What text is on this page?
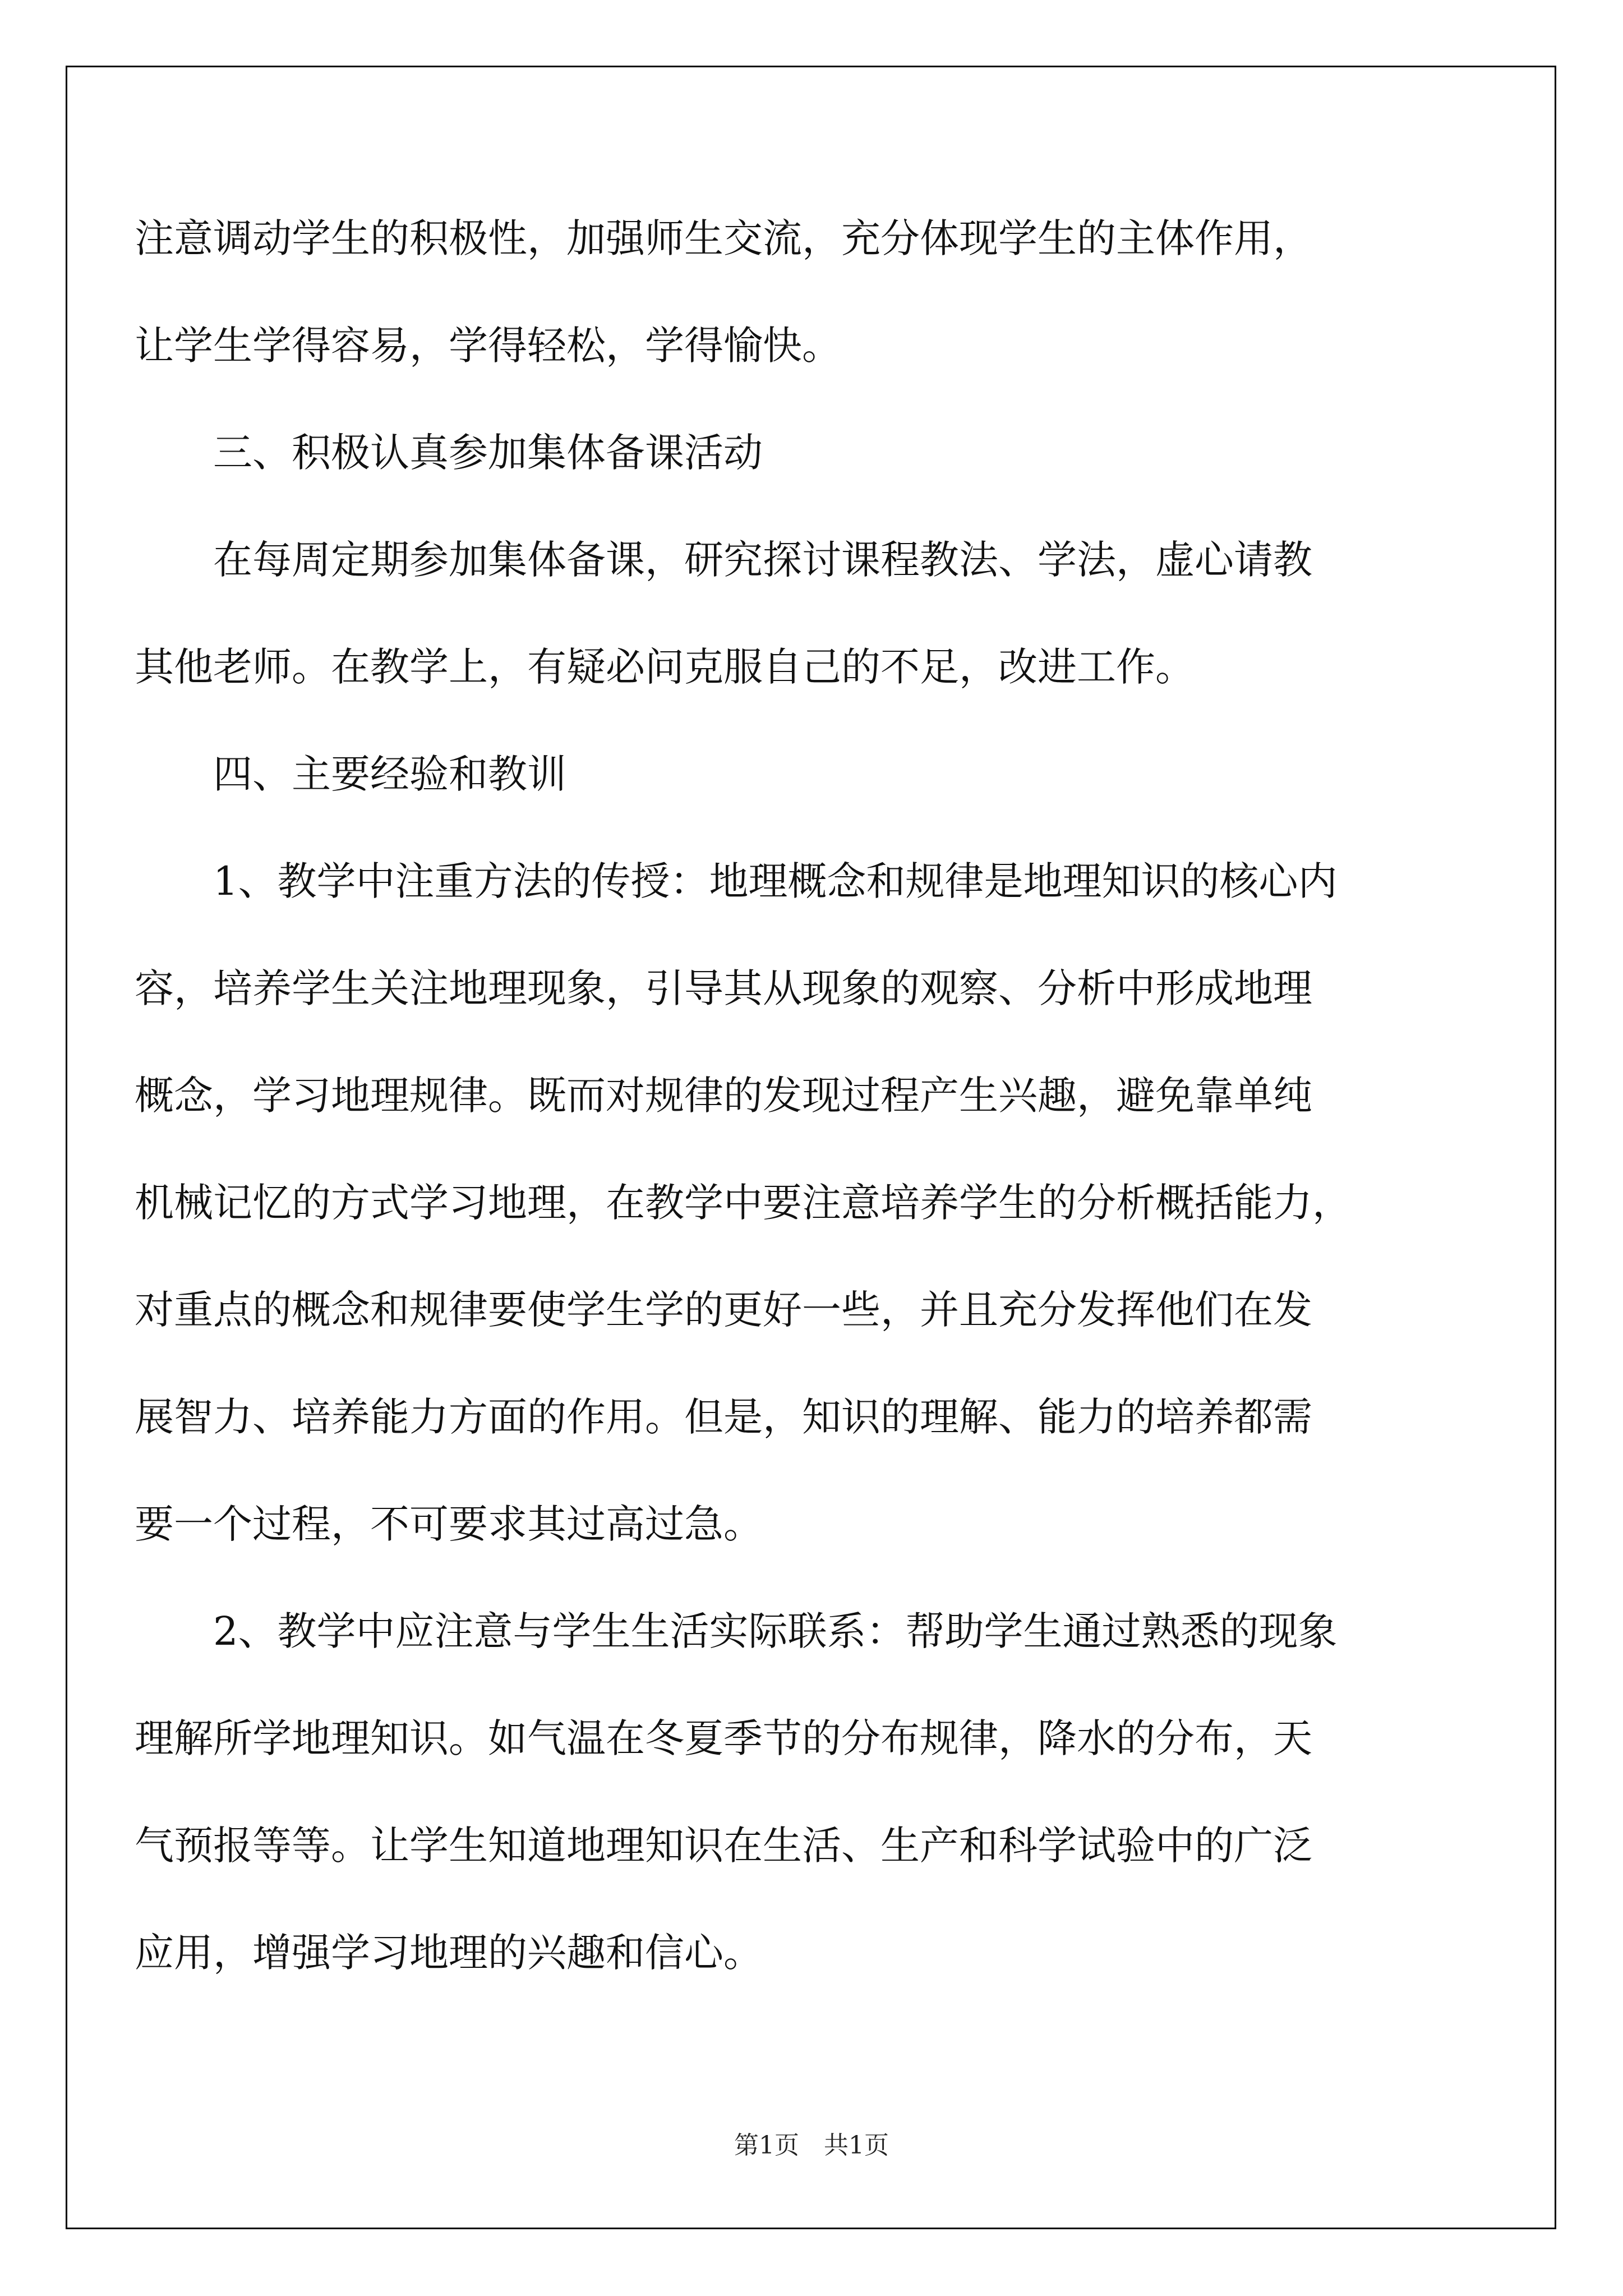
注意调动学生的积极性，加强师生交流，充分体现学生的主体作用，
让学生学得容易，学得轻松，学得愉快。
三、积极认真参加集体备课活动
在每周定期参加集体备课，研究探讨课程教法、学法，虚心请教
其他老师。在教学上，有疑必问克服自己的不足，改进工作。
四、主要经验和教训
1、教学中注重方法的传授：地理概念和规律是地理知识的核心内
容，培养学生关注地理现象，引导其从现象的观察、分析中形成地理
概念，学习地理规律。既而对规律的发现过程产生兴趣，避免靠单纯
机械记忆的方式学习地理，在教学中要注意培养学生的分析概括能力，
对重点的概念和规律要使学生学的更好一些，并且充分发挥他们在发
展智力、培养能力方面的作用。但是，知识的理解、能力的培养都需
要一个过程，不可要求其过高过急。
2、教学中应注意与学生生活实际联系：帮助学生通过熟悉的现象
理解所学地理知识。如气温在冬夏季节的分布规律，降水的分布，天
气预报等等。让学生知道地理知识在生活、生产和科学试验中的广泛
应用，增强学习地理的兴趣和信心。
第1页 共1页
